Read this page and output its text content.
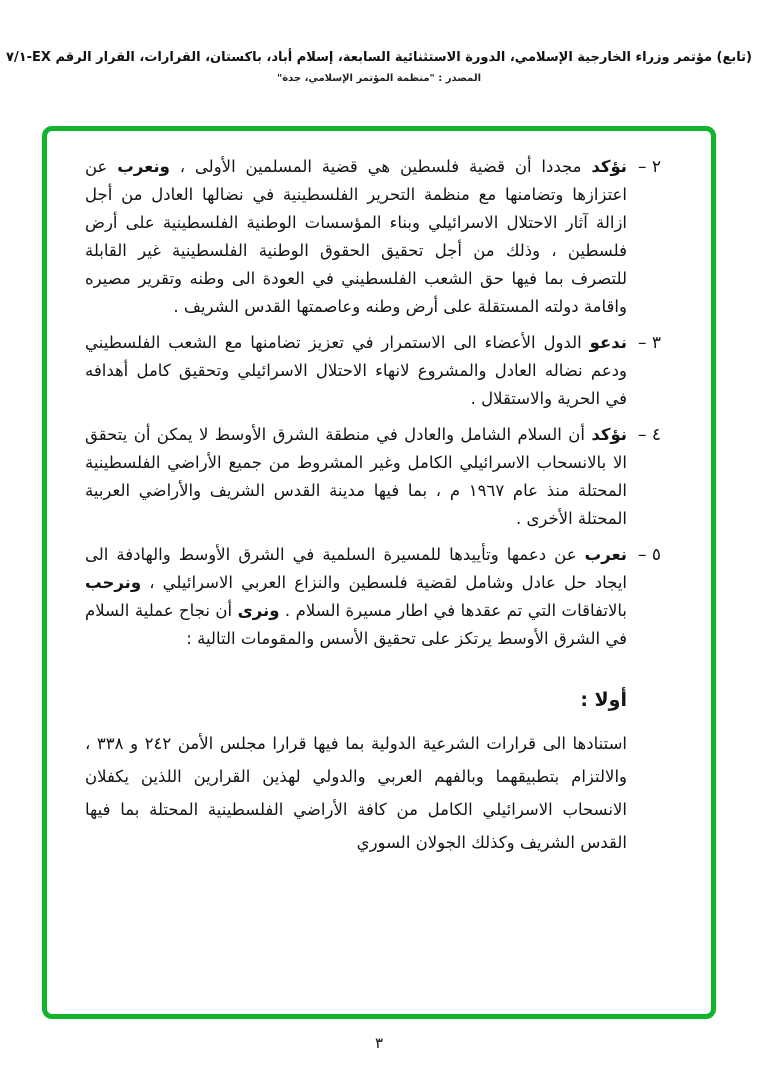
(تابع) مؤتمر وزراء الخارجية الإسلامي، الدورة الاستثنائية السابعة، إسلام أباد، باكستان، القرارات، القرار الرقم EX-٧/١
المصدر : "منظمة المؤتمر الإسلامي، جدة"
٢ –
نؤكد مجددا أن قضية فلسطين هي قضية المسلمين الأولى ، ونعرب عن اعتزازها وتضامنها مع منظمة التحرير الفلسطينية في نضالها العادل من أجل ازالة آثار الاحتلال الاسرائيلي وبناء المؤسسات الوطنية الفلسطينية على أرض فلسطين ، وذلك من أجل تحقيق الحقوق الوطنية الفلسطينية غير القابلة للتصرف بما فيها حق الشعب الفلسطيني في العودة الى وطنه وتقرير مصيره واقامة دولته المستقلة على أرض وطنه وعاصمتها القدس الشريف .
٣ –
ندعو الدول الأعضاء الى الاستمرار في تعزيز تضامنها مع الشعب الفلسطيني ودعم نضاله العادل والمشروع لانهاء الاحتلال الاسرائيلي وتحقيق كامل أهدافه في الحرية والاستقلال .
٤ –
نؤكد أن السلام الشامل والعادل في منطقة الشرق الأوسط لا يمكن أن يتحقق الا بالانسحاب الاسرائيلي الكامل وغير المشروط من جميع الأراضي الفلسطينية المحتلة منذ عام ١٩٦٧ م ، بما فيها مدينة القدس الشريف والأراضي العربية المحتلة الأخرى .
٥ –
نعرب عن دعمها وتأييدها للمسيرة السلمية في الشرق الأوسط والهادفة الى ايجاد حل عادل وشامل لقضية فلسطين والنزاع العربي الاسرائيلي ، ونرحب بالاتفاقات التي تم عقدها في اطار مسيرة السلام . ونرى أن نجاح عملية السلام في الشرق الأوسط يرتكز على تحقيق الأسس والمقومات التالية :
أولا :
استنادها الى قرارات الشرعية الدولية بما فيها قرارا مجلس الأمن ٢٤٢ و ٣٣٨ ، والالتزام بتطبيقهما وبالفهم العربي والدولي لهذين القرارين اللذين يكفلان الانسحاب الاسرائيلي الكامل من كافة الأراضي الفلسطينية المحتلة بما فيها القدس الشريف وكذلك الجولان السوري
٣
